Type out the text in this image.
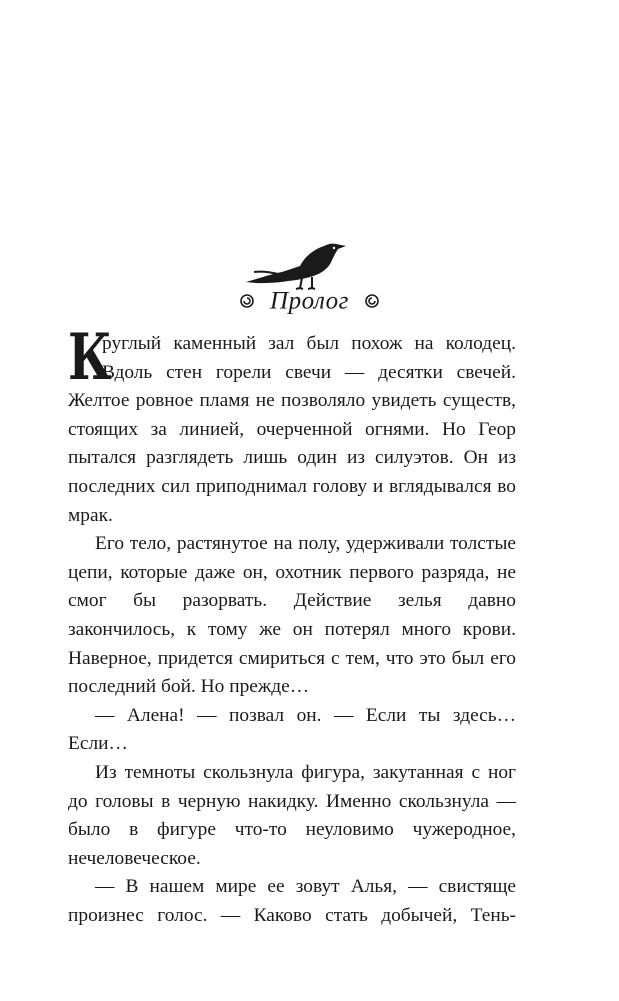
Пролог

К
руглый каменный зал был похож на колодец. Вдоль стен горели свечи — десятки свечей. Желтое ровное пламя не позволяло увидеть существ, стоящих за линией, очерченной огнями. Но Геор пытался разглядеть лишь один из силуэтов. Он из последних сил приподнимал голову и вглядывался во мрак.

Его тело, растянутое на полу, удерживали толстые цепи, которые даже он, охотник первого разряда, не смог бы разорвать. Действие зелья давно закончилось, к тому же он потерял много крови. Наверное, придется смириться с тем, что это был его последний бой. Но прежде…

— Алена! — позвал он. — Если ты здесь… Если…

Из темноты скользнула фигура, закутанная с ног до головы в черную накидку. Именно скользнула — было в фигуре что-то неуловимо чужеродное, нечеловеческое.

— В нашем мире ее зовут Алья, — свистяще произнес голос. — Каково стать добычей, Тень-
